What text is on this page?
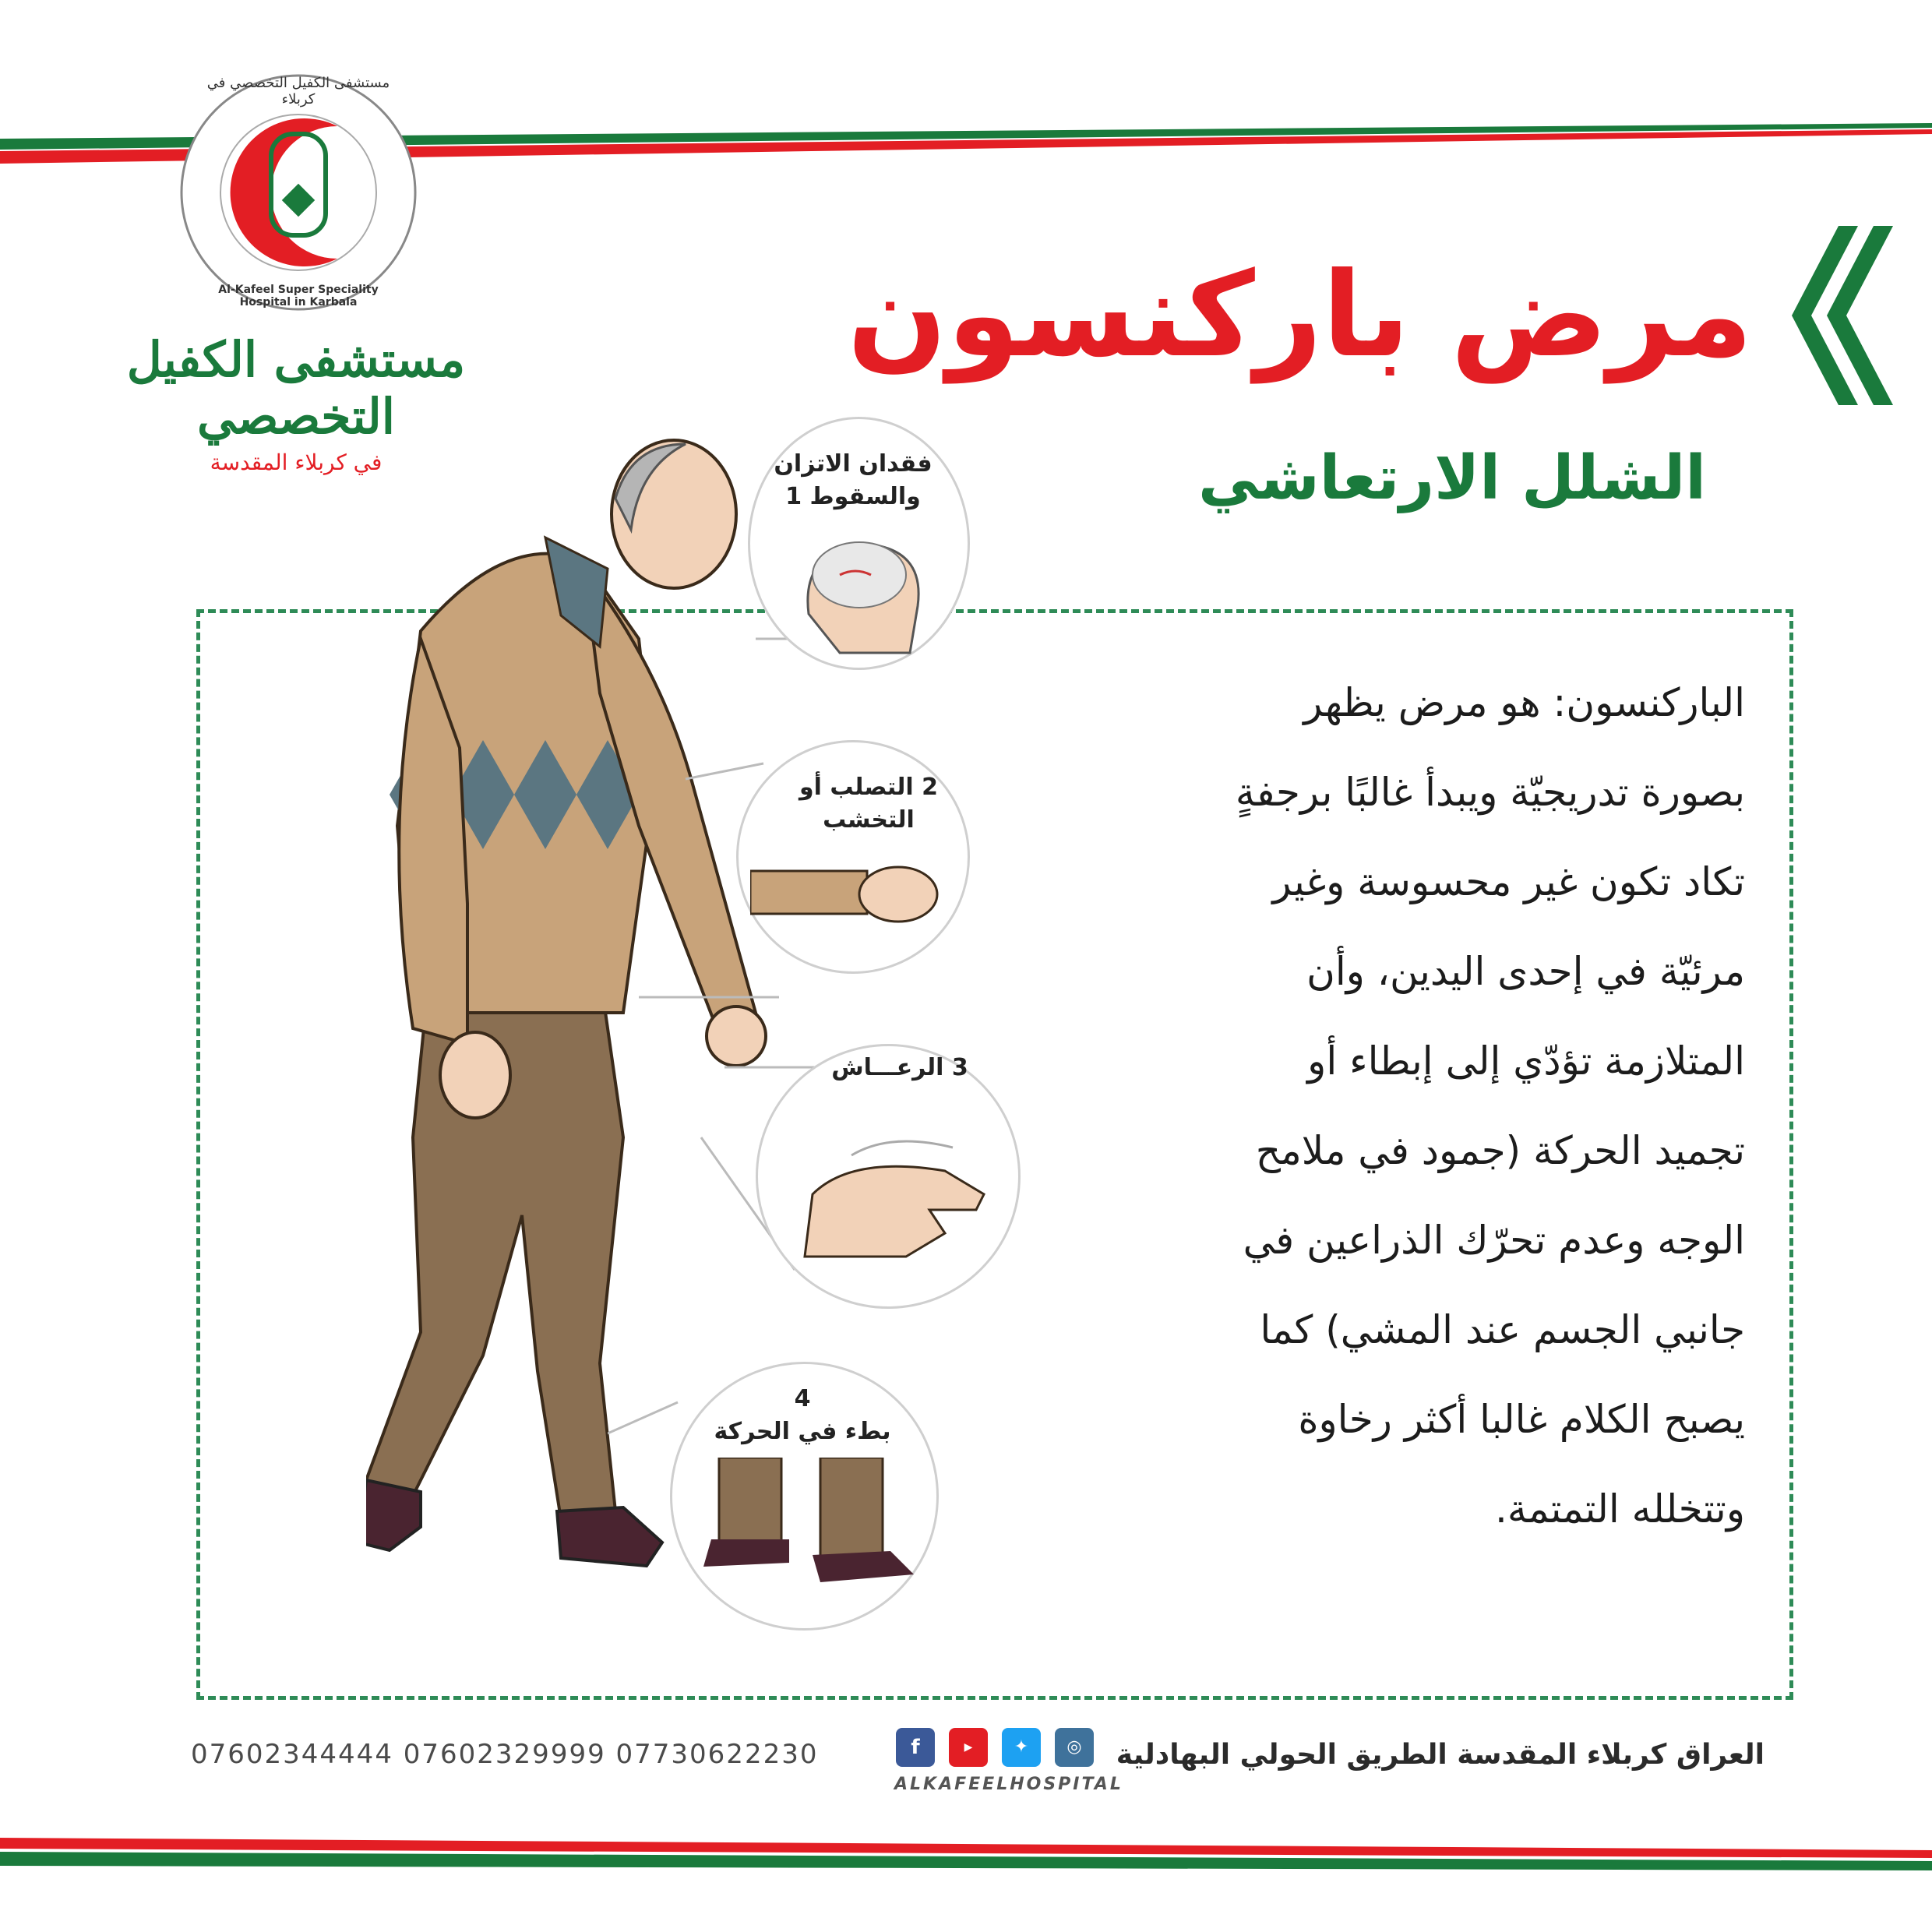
مستشفى الكفيل التخصصي في كربلاء
Al-Kafeel Super Speciality Hospital in Karbala
مستشفى الكفيل التخصصي
في كربلاء المقدسة
مرض باركنسون
الشلل الارتعاشي
فقدان الاتزان
والسقوط 1
2 التصلب أو
التخشب
3 الرعـــاش
4
بطء في الحركة
الباركنسون: هو مرض يظهر
بصورة تدريجيّة ويبدأ غالبًا برجفةٍ
تكاد تكون غير محسوسة وغير
مرئيّة في إحدى اليدين، وأن
المتلازمة تؤدّي إلى إبطاء أو
تجميد الحركة (جمود في ملامح
الوجه وعدم تحرّك الذراعين في
جانبي الجسم عند المشي) كما
يصبح الكلام غالبا أكثر رخاوة
وتتخلله التمتمة.
العراق كربلاء المقدسة الطريق الحولي البهادلية
07602344444 07602329999 07730622230	f	▶	✦	◎
ALKAFEELHOSPITAL
